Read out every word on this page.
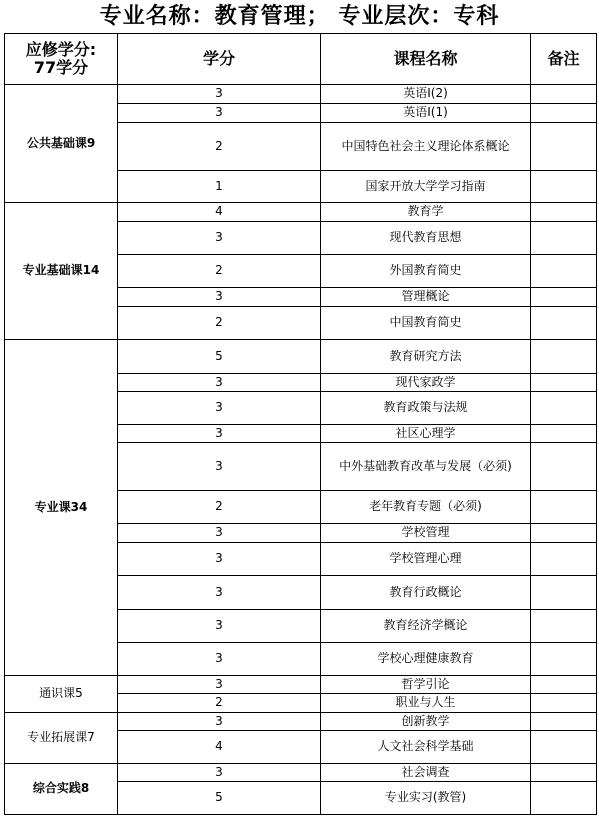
专业名称：教育管理； 专业层次：专科
应修学分:
77学分	学分	课程名称	备注
公共基础课9	3	英语Ⅰ(2)	
	3	英语Ⅰ(1)	
	2	中国特色社会主义理论体系概论	
	1	国家开放大学学习指南	
专业基础课14	4	教育学	
	3	现代教育思想	
	2	外国教育简史	
	3	管理概论	
	2	中国教育简史	
专业课34	5	教育研究方法	
	3	现代家政学	
	3	教育政策与法规	
	3	社区心理学	
	3	中外基础教育改革与发展（必须)	
	2	老年教育专题（必须)	
	3	学校管理	
	3	学校管理心理	
	3	教育行政概论	
	3	教育经济学概论	
	3	学校心理健康教育	
通识课5	3	哲学引论	
	2	职业与人生	
专业拓展课7	3	创新教学	
	4	人文社会科学基础	
综合实践8	3	社会调查	
	5	专业实习(教管)	
